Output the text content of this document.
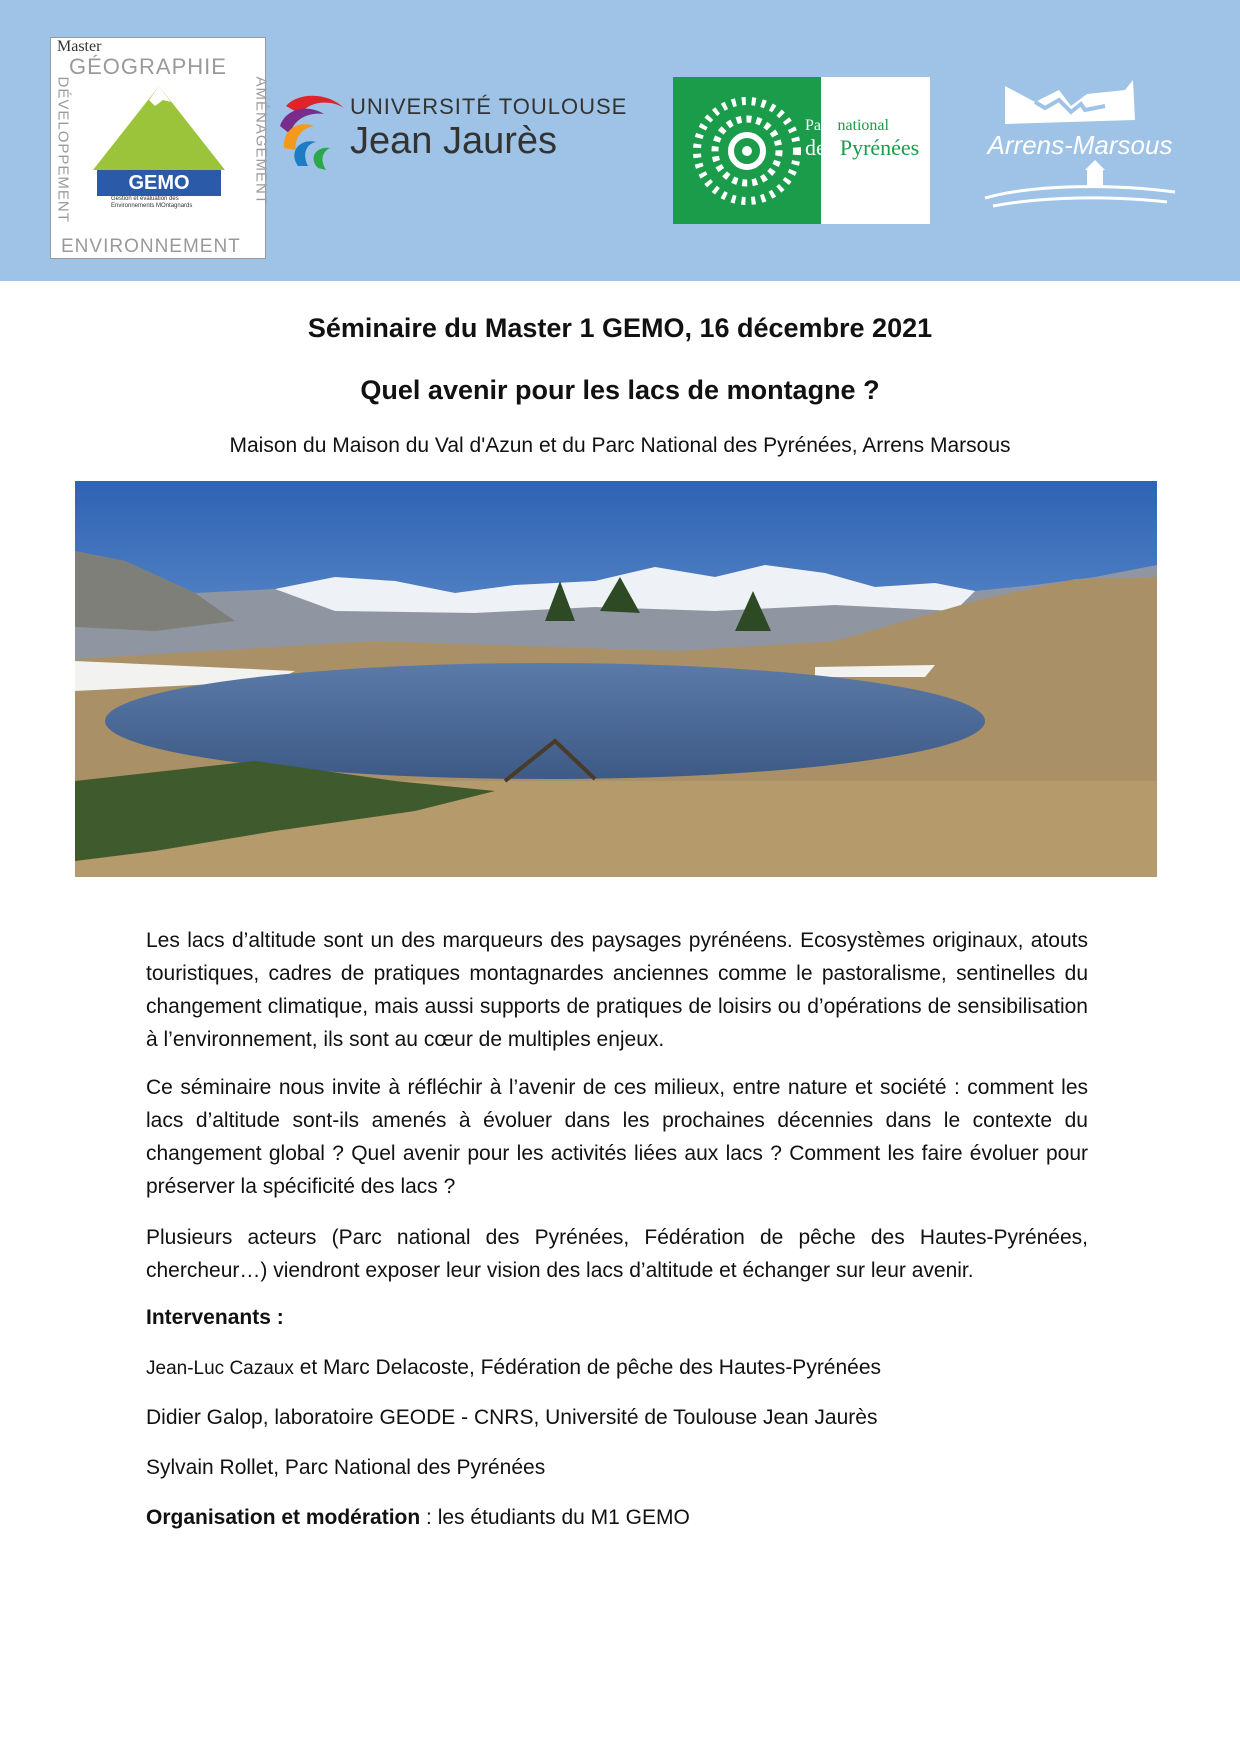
Master
GÉOGRAPHIE
DÉVELOPPEMENT	AMÉNAGEMENT
GEMO
Gestion et évaluation des Environnements MOntagnards
ENVIRONNEMENT
UNIVERSITÉ TOULOUSE
Jean Jaurès	Parc national
des Pyrénées	Arrens-Marsous
Séminaire du Master 1 GEMO, 16 décembre 2021
Quel avenir pour les lacs de montagne ?
Maison du Maison du Val d'Azun et du Parc National des Pyrénées, Arrens Marsous

Les lacs d’altitude sont un des marqueurs des paysages pyrénéens. Ecosystèmes originaux, atouts touristiques, cadres de pratiques montagnardes anciennes comme le pastoralisme, sentinelles du changement climatique, mais aussi supports de pratiques de loisirs ou d’opérations de sensibilisation à l’environnement, ils sont au cœur de multiples enjeux.

Ce séminaire nous invite à réfléchir à l’avenir de ces milieux, entre nature et société : comment les lacs d’altitude sont-ils amenés à évoluer dans les prochaines décennies dans le contexte du changement global ? Quel avenir pour les activités liées aux lacs ? Comment les faire évoluer pour préserver la spécificité des lacs ?

Plusieurs acteurs (Parc national des Pyrénées, Fédération de pêche des Hautes-Pyrénées, chercheur…) viendront exposer leur vision des lacs d’altitude et échanger sur leur avenir.

Intervenants :

Jean-Luc Cazaux et Marc Delacoste, Fédération de pêche des Hautes-Pyrénées

Didier Galop, laboratoire GEODE - CNRS, Université de Toulouse Jean Jaurès

Sylvain Rollet, Parc National des Pyrénées

Organisation et modération : les étudiants du M1 GEMO
